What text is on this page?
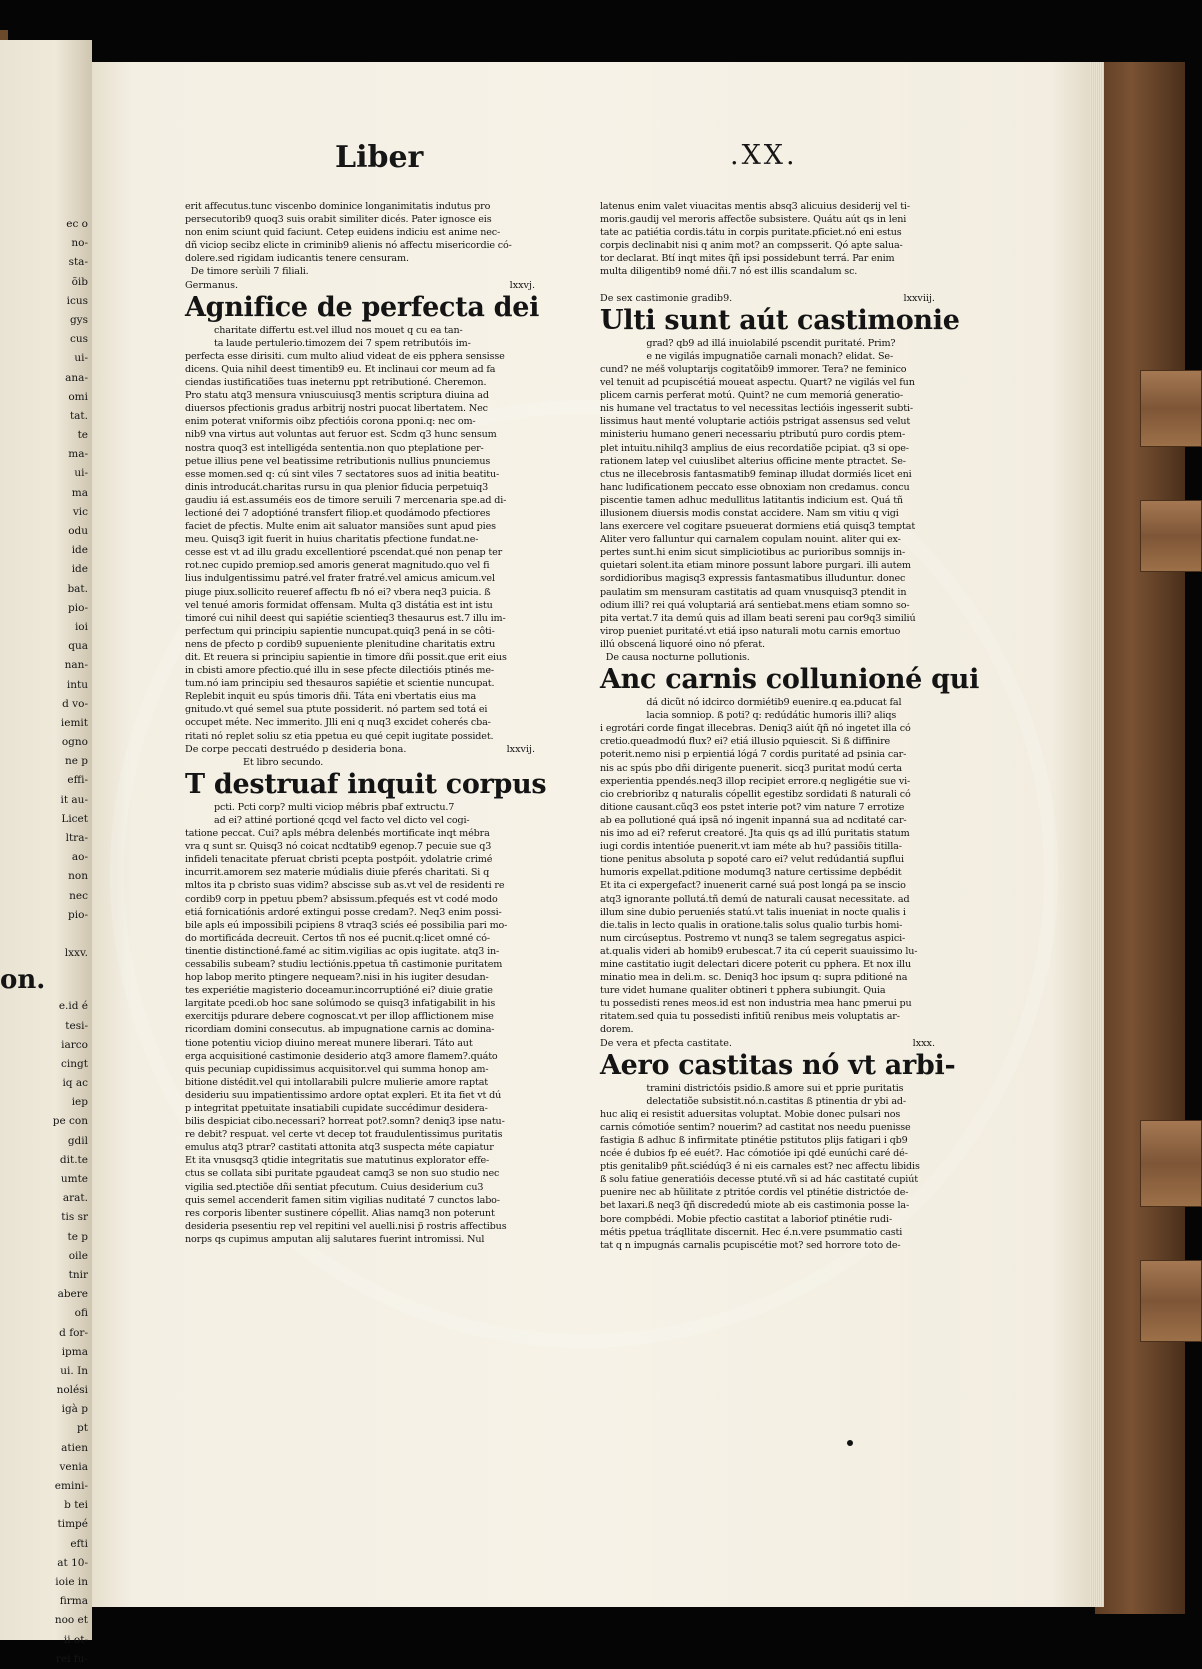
ec o
no-
sta-
õib
icus
gys
cus
ui-
ana-
omi
tat.
te
ma-
ui-
ma
vic
odu
ide
ide
bat.
pio-
ioi
qua
nan-
intu
d vo-
iemit
ogno
ne p
effi-
it au-
Licet
ltra-
ao-
non
nec
pio-
lxxv.
on.
e.id é
tesi-
iarco
cingt
iq ac
iep
pe con
gdil
dit.te
umte
arat.
tis sr
te p
oile
tnir
abere
ofi
d for-
ipma
ui. In
nolési
igà p
pt
atien
venia
emini-
b tei
timpé
efti
at 10-
ioie in
firma
noo et
ii ot-
rei fu-
Liber	.XX.
erit affecutus.tunc viscenbo dominice longanimitatis indutus pro
persecutorib9 quoq3 suis orabit similiter dicés. Pater ignosce eis
non enim sciunt quid faciunt. Cetep euidens indiciu est anime nec-
dñ viciop secibz elicte in criminib9 alienis nó affectu misericordie có-
dolere.sed rigidam iudicantis tenere censuram.
De timore serùili 7 filiali.
Germanus.	lxxvj.
Agnifice de perfecta dei
charitate differtu est.vel illud nos mouet q cu ea tan-
ta laude pertulerio.timozem dei 7 spem retributóis im-
perfecta esse dirisiti. cum multo aliud videat de eis pphera sensisse
dicens. Quia nihil deest timentib9 eu. Et inclinaui cor meum ad fa
ciendas iustificatiões tuas ineternu ppt retributioné. Cheremon.
Pro statu atq3 mensura vniuscuiusq3 mentis scriptura diuina ad
diuersos pfectionis gradus arbitrij nostri puocat libertatem. Nec
enim poterat vniformis oibz pfectióis corona pponi.q: nec om-
nib9 vna virtus aut voluntas aut feruor est. Scdm q3 hunc sensum
nostra quoq3 est intelligéda sententia.non quo pteplatione per-
petue illius pene vel beatissime retributionis nullius pnunciemus
esse momen.sed q: cú sint viles 7 sectatores suos ad initia beatitu-
dinis introducát.charitas rursu in qua plenior fiducia perpetuiq3
gaudiu iá est.assuméis eos de timore seruili 7 mercenaria spe.ad di-
lectioné dei 7 adoptióné transfert filiop.et quodámodo pfectiores
faciet de pfectis. Multe enim ait saluator mansiões sunt apud pies
meu. Quisq3 igit fuerit in huius charitatis pfectione fundat.ne-
cesse est vt ad illu gradu excellentioré pscendat.qué non penap ter
rot.nec cupido premiop.sed amoris generat magnitudo.quo vel fi
lius indulgentissimu patré.vel frater fratré.vel amicus amicum.vel
piuge piux.sollicito reueref affectu fb nó ei? vbera neq3 puicia. ß
vel tenué amoris formidat offensam. Multa q3 distátia est int istu
timoré cui nihil deest qui sapiétie scientieq3 thesaurus est.7 illu im-
perfectum qui principiu sapientie nuncupat.quiq3 pená in se côti-
nens de pfecto p cordib9 supueniente plenitudine charitatis extru
dit. Et reuera si principiu sapientie in timore dñi possit.que erit eius
in cbisti amore pfectio.qué illu in sese pfecte dilectióis ptinés me-
tum.nó iam principiu sed thesauros sapiétie et scientie nuncupat.
Replebit inquit eu spús timoris dñi. Táta eni vbertatis eius ma
gnitudo.vt qué semel sua ptute possiderit. nó partem sed totá ei
occupet méte. Nec immerito. Jlli eni q nuq3 excidet coherés cba-
ritati nó replet soliu sz etia ppetua eu qué cepit iugitate possidet.
De corpe peccati destruédo p desideria bona.	lxxvij.
Et libro secundo.
T destruaf inquit corpus
pcti. Pcti corp? multi viciop mébris pbaf extructu.7
ad ei? attiné portioné qcqd vel facto vel dicto vel cogi-
tatione peccat. Cui? apls mébra delenbés mortificate inqt mébra
vra q sunt sr. Quisq3 nó coicat ncdtatib9 egenop.7 pecuie sue q3
infideli tenacitate pferuat cbristi pcepta postpóit. ydolatrie crimé
incurrit.amorem sez materie múdialis diuie pferés charitati. Si q
mltos ita p cbristo suas vidim? abscisse sub as.vt vel de residenti re
cordib9 corp in ppetuu pbem? absissum.pfequés est vt codé modo
etiá fornicatiónis ardoré extingui posse credam?. Neq3 enim possi-
bile apls eú impossibili pcipiens 8 vtraq3 sciés eé possibilia pari mo-
do mortificáda decreuit. Certos tñ nos eé pucnit.q:licet omné có-
tinentie distinctioné.famé ac sitim.vigilias ac opis iugitate. atq3 in-
cessabilis subeam? studiu lectiónis.ppetua tñ castimonie puritatem
hop labop merito ptingere nequeam?.nisi in his iugiter desudan-
tes experiétie magisterio doceamur.incorruptióné ei? diuie gratie
largitate pcedi.ob hoc sane solúmodo se quisq3 infatigabilit in his
exercitijs pdurare debere cognoscat.vt per illop afflictionem mise
ricordiam domini consecutus. ab impugnatione carnis ac domina-
tione potentiu viciop diuino mereat munere liberari. Táto aut
erga acquisitioné castimonie desiderio atq3 amore flamem?.quáto
quis pecuniap cupidissimus acquisitor.vel qui summa honop am-
bitione distédit.vel qui intollarabili pulcre mulierie amore raptat
desideriu suu impatientissimo ardore optat expleri. Et ita fiet vt dú
p integritat ppetuitate insatiabili cupidate succédimur desidera-
bilis despiciat cibo.necessari? horreat pot?.somn? deniq3 ipse natu-
re debit? respuat. vel certe vt decep tot fraudulentissimus puritatis
emulus atq3 ptrar? castitati attonita atq3 suspecta méte capiatur
Et ita vnusqsq3 qtidie integritatis sue matutinus explorator effe-
ctus se collata sibi puritate pgaudeat camq3 se non suo studio nec
vigilia sed.ptectiõe dñi sentiat pfecutum. Cuius desiderium cu3
quis semel accenderit famen sitim vigilias nuditaté 7 cunctos labo-
res corporis libenter sustinere cópellit. Alias namq3 non poterunt
desideria psesentiu rep vel repitini vel auelli.nisi p̃ rostris affectibus
norps qs cupimus amputan alij salutares fuerint intromissi. Nul
latenus enim valet viuacitas mentis absq3 alicuius desiderij vel ti-
moris.gaudij vel meroris affectõe subsistere. Quátu aút qs in leni
tate ac patiétia cordis.tátu in corpis puritate.pficiet.nó eni estus
corpis declinabit nisi q anim mot? an compsserit. Qó apte salua-
tor declarat. Btí inqt mites q̃ñ ipsi possidebunt terrá. Par enim
multa diligentib9 nomé dñi.7 nó est illis scandalum sc.
De sex castimonie gradib9.	lxxviij.
Ulti sunt aút castimonie
grad? qb9 ad illá inuiolabilé pscendit puritaté. Prim?
e ne vigilás impugnatiõe carnali monach? elidat. Se-
cund? ne méš voluptarijs cogitatõib9 immorer. Tera? ne feminico
vel tenuit ad pcupiscétiá moueat aspectu. Quart? ne vigilás vel fun
plicem carnis perferat motú. Quint? ne cum memoriá generatio-
nis humane vel tractatus to vel necessitas lectióis ingesserit subti-
lissimus haut menté voluptarie actióis pstrigat assensus sed velut
ministeriu humano generi necessariu ptributú puro cordis ptem-
plet intuitu.nihilq3 amplius de eius recordatiõe pcipiat. q3 si ope-
rationem latep vel cuiuslibet alterius officine mente ptractet. Se-
ctus ne illecebrosis fantasmatib9 feminap illudat dormiés licet eni
hanc ludificationem peccato esse obnoxiam non credamus. concu
piscentie tamen adhuc medullitus latitantis indicium est. Quá tñ
illusionem diuersis modis constat accidere. Nam sm vitiu q vigi
lans exercere vel cogitare psueuerat dormiens etiá quisq3 temptat
Aliter vero falluntur qui carnalem copulam nouint. aliter qui ex-
pertes sunt.hi enim sicut simpliciotibus ac purioribus somnijs in-
quietari solent.ita etiam minore possunt labore purgari. illi autem
sordidioribus magisq3 expressis fantasmatibus illuduntur. donec
paulatim sm mensuram castitatis ad quam vnusquisq3 ptendit in
odium illi? rei quá voluptariá ará sentiebat.mens etiam somno so-
pita vertat.7 ita demú quis ad illam beati sereni pau cor9q3 similiú
virop pueniet puritaté.vt etiá ipso naturali motu carnis emortuo
illú obscená liquoré oino nó pferat.
De causa nocturne pollutionis.
Anc carnis collunioné qui
dá dicũt nó idcirco dormiétib9 euenire.q ea.pducat fal
lacia somniop. ß poti? q: redúdátic humoris illi? aliqs
i egrotári corde fingat illecebras. Deniq3 aiút q̃ñ nó ingetet illa có
cretio.queadmodú flux? ei? etiá illusio pquiescit. Si ß diffinire
poterit.nemo nisi p erpientiá lógá 7 cordis puritaté ad psinia car-
nis ac spús pbo dñi dirigente puenerit. sicq3 puritat modú certa
experientia ppendés.neq3 illop recipiet errore.q negligétie sue vi-
cio crebrioribz q naturalis cópellit egestibz sordidati ß naturali có
ditione causant.cũq3 eos pstet interie pot? vim nature 7 errotize
ab ea pollutioné quá ipsã nó ingenit inpanná sua ad ncditaté car-
nis imo ad ei? referut creatoré. Jta quis qs ad illú puritatis statum
iugi cordis intentióe puenerit.vt iam méte ab hu? passiõis titilla-
tione penitus absoluta p sopoté caro ei? velut redúdantiá supflui
humoris expellat.pditione modumq3 nature certissime depbédit
Et ita ci expergefact? inuenerit carné suá post longá pa se inscio
atq3 ignorante pollutá.tñ demú de naturali causat necessitate. ad
illum sine dubio perueniés statú.vt talis inueniat in nocte qualis i
die.talis in lecto qualis in oratione.talis solus qualio turbis homi-
num circúseptus. Postremo vt nunq3 se talem segregatus aspici-
at.qualis videri ab homib9 erubescat.7 ita cú ceperit suauissimo lu-
mine castitatio iugit delectari dicere poterit cu pphera. Et nox illu
minatio mea in deli.m. sc. Deniq3 hoc ipsum q: supra pditioné na
ture videt humane qualiter obtineri t pphera subiungit. Quia
tu possedisti renes meos.id est non industria mea hanc pmerui pu
ritatem.sed quia tu possedisti infitiũ renibus meis voluptatis ar-
dorem.
De vera et pfecta castitate.	lxxx.
Aero castitas nó vt arbi-
tramini districtóis psidio.ß amore sui et pprie puritatis
delectatiõe subsistit.nó.n.castitas ß ptinentia dr ybi ad-
huc aliq ei resistit aduersitas voluptat. Mobie donec pulsari nos
carnis cómotióe sentim? nouerim? ad castitat nos needu puenisse
fastigia ß adhuc ß infirmitate ptinétie pstitutos plijs fatigari i qb9
ncée é dubios fp eé euét?. Hac cómotióe ipi qdé eunúchi caré dé-
ptis genitalib9 pñt.sciédúq3 é ni eis carnales est? nec affectu libidis
ß solu fatiue generatióis decesse ptuté.vñ si ad hác castitaté cupiút
puenire nec ab hũilitate z ptritóe cordis vel ptinétie districtóe de-
bet laxari.ß neq3 q̃ñ discrededú miote ab eis castimonia posse la-
bore compbédi. Mobie pfectio castitat a laboriof ptinétie rudi-
métis ppetua tráqllitate discernit. Hec é.n.vere psummatio casti
tat q n impugnás carnalis pcupiscétie mot? sed horrore toto de-
